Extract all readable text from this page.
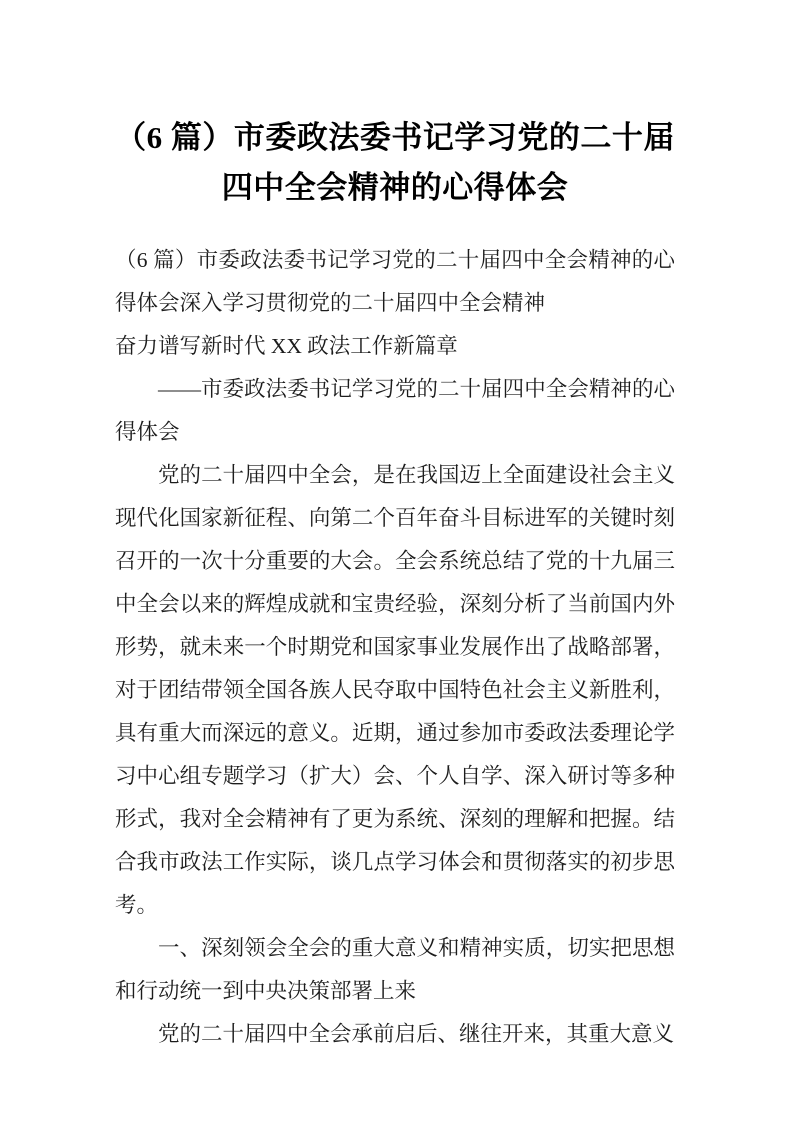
（6 篇）市委政法委书记学习党的二十届四中全会精神的心得体会

（6 篇）市委政法委书记学习党的二十届四中全会精神的心得体会深入学习贯彻党的二十届四中全会精神

奋力谱写新时代 XX 政法工作新篇章

——市委政法委书记学习党的二十届四中全会精神的心得体会

党的二十届四中全会，是在我国迈上全面建设社会主义现代化国家新征程、向第二个百年奋斗目标进军的关键时刻召开的一次十分重要的大会。全会系统总结了党的十九届三中全会以来的辉煌成就和宝贵经验，深刻分析了当前国内外形势，就未来一个时期党和国家事业发展作出了战略部署，对于团结带领全国各族人民夺取中国特色社会主义新胜利，具有重大而深远的意义。近期，通过参加市委政法委理论学习中心组专题学习（扩大）会、个人自学、深入研讨等多种形式，我对全会精神有了更为系统、深刻的理解和把握。结合我市政法工作实际，谈几点学习体会和贯彻落实的初步思考。

一、深刻领会全会的重大意义和精神实质，切实把思想和行动统一到中央决策部署上来

党的二十届四中全会承前启后、继往开来，其重大意义
